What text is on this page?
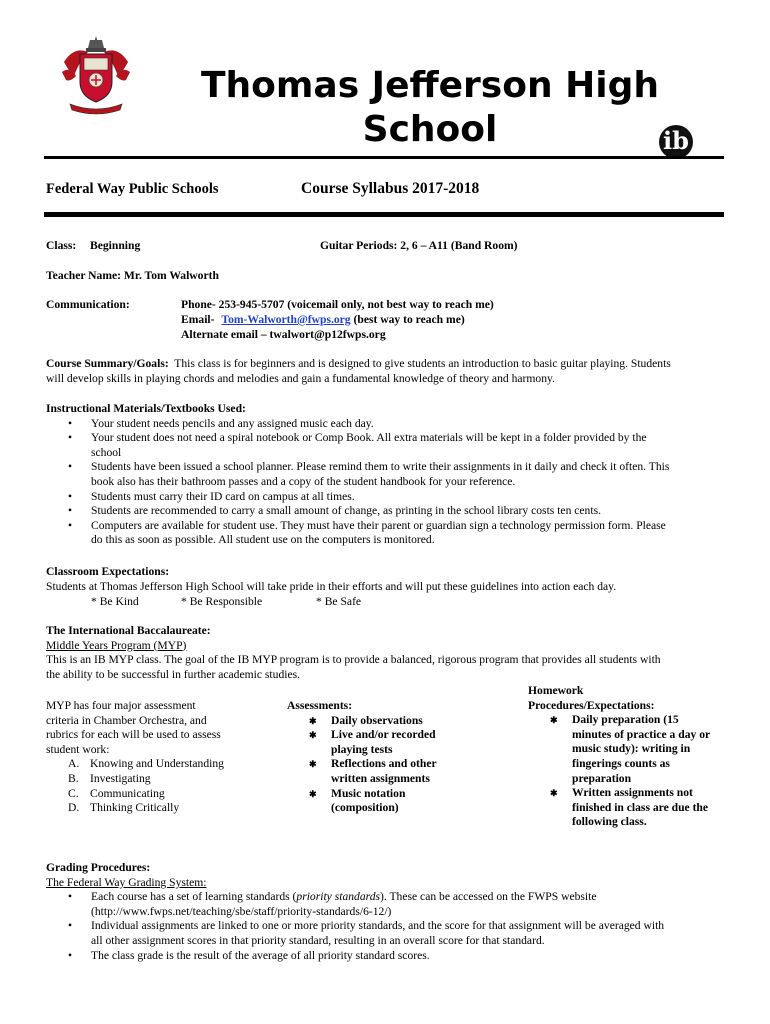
Thomas Jefferson High
School	ib
Federal Way Public Schools	Course Syllabus 2017-2018
Class: Beginning	Guitar Periods: 2, 6 – A11 (Band Room)
Teacher Name: Mr. Tom Walworth
Communication:	Phone- 253-945-5707 (voicemail only, not best way to reach me)
Email- Tom-Walworth@fwps.org (best way to reach me)
Alternate email – twalwort@p12fwps.org
Course Summary/Goals: This class is for beginners and is designed to give students an introduction to basic guitar playing. Students
will develop skills in playing chords and melodies and gain a fundamental knowledge of theory and harmony.
Instructional Materials/Textbooks Used:
• Your student needs pencils and any assigned music each day.
• Your student does not need a spiral notebook or Comp Book. All extra materials will be kept in a folder provided by the
school
• Students have been issued a school planner. Please remind them to write their assignments in it daily and check it often. This
book also has their bathroom passes and a copy of the student handbook for your reference.
• Students must carry their ID card on campus at all times.
• Students are recommended to carry a small amount of change, as printing in the school library costs ten cents.
• Computers are available for student use. They must have their parent or guardian sign a technology permission form. Please
do this as soon as possible. All student use on the computers is monitored.
Classroom Expectations:
Students at Thomas Jefferson High School will take pride in their efforts and will put these guidelines into action each day.
* Be Kind	* Be Responsible	* Be Safe
The International Baccalaureate:
Middle Years Program (MYP)
This is an IB MYP class. The goal of the IB MYP program is to provide a balanced, rigorous program that provides all students with
the ability to be successful in further academic studies.
MYP has four major assessment
criteria in Chamber Orchestra, and
rubrics for each will be used to assess
student work:
A. Knowing and Understanding
B. Investigating
C. Communicating
D. Thinking Critically
Assessments:
✱ Daily observations
✱ Live and/or recorded
playing tests
✱ Reflections and other
written assignments
✱ Music notation
(composition)
Homework
Procedures/Expectations:
✱ Daily preparation (15
minutes of practice a day or
music study): writing in
fingerings counts as
preparation
✱ Written assignments not
finished in class are due the
following class.
Grading Procedures:
The Federal Way Grading System:
• Each course has a set of learning standards (priority standards). These can be accessed on the FWPS website
(http://www.fwps.net/teaching/sbe/staff/priority-standards/6-12/)
• Individual assignments are linked to one or more priority standards, and the score for that assignment will be averaged with
all other assignment scores in that priority standard, resulting in an overall score for that standard.
• The class grade is the result of the average of all priority standard scores.
